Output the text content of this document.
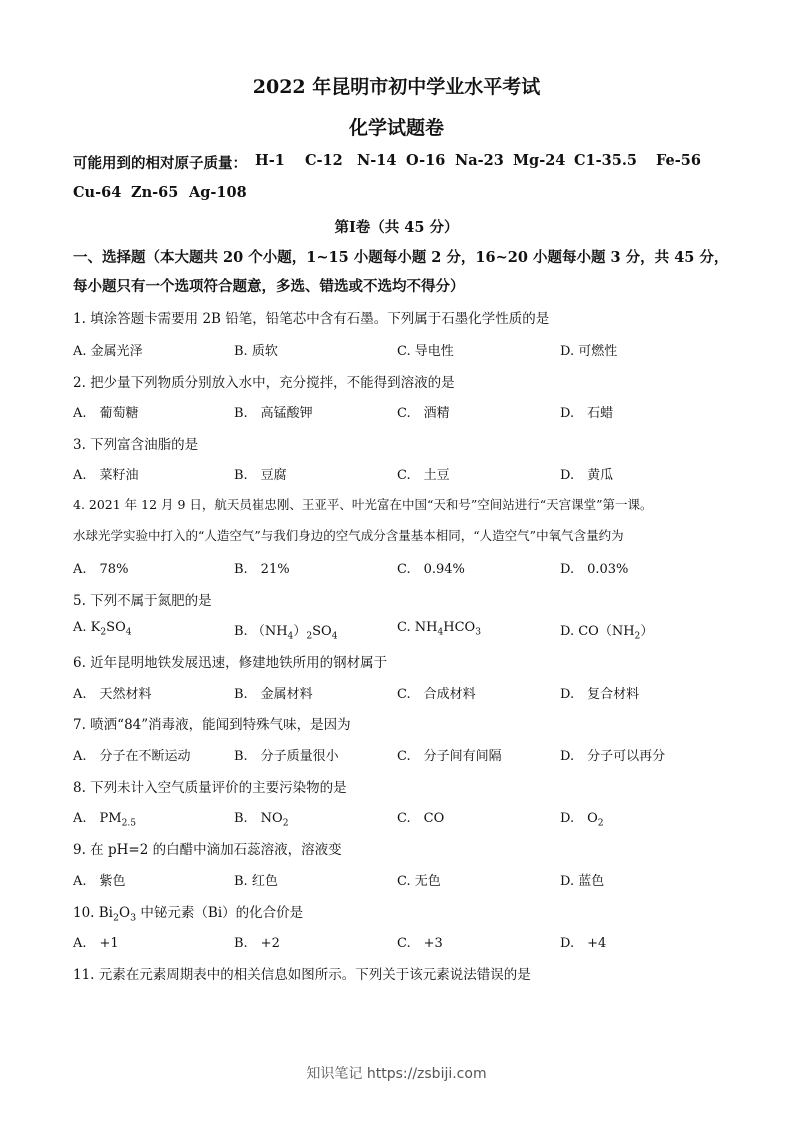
2022 年昆明市初中学业水平考试
化学试题卷
可能用到的相对原子质量： H-1 C-12 N-14 O-16 Na-23 Mg-24 C1-35.5 Fe-56
Cu-64 Zn-65 Ag-108
第Ⅰ卷（共 45 分）
一、选择题（本大题共 20 个小题，1~15 小题每小题 2 分，16~20 小题每小题 3 分，共 45 分，
每小题只有一个选项符合题意，多选、错选或不选均不得分）
1. 填涂答题卡需要用 2B 铅笔，铅笔芯中含有石墨。下列属于石墨化学性质的是
A. 金属光泽	B. 质软	C. 导电性	D. 可燃性
2. 把少量下列物质分别放入水中，充分搅拌，不能得到溶液的是
A.　葡萄糖	B.　高锰酸钾	C.　酒精	D.　石蜡
3. 下列富含油脂的是
A.　菜籽油	B.　豆腐	C.　土豆	D.　黄瓜
4. 2021 年 12 月 9 日，航天员崔忠刚、王亚平、叶光富在中国“天和号”空间站进行“天宫课堂”第一课。
水球光学实验中打入的“人造空气”与我们身边的空气成分含量基本相同，“人造空气”中氧气含量约为
A.　78%	B.　21%	C.　0.94%	D.　0.03%
5. 下列不属于氮肥的是
A. $K_2SO_4$	B. $(NH_4)_2SO_4$
C. $NH_4HCO_3$	D. $CO(NH_2)$
6. 近年昆明地铁发展迅速，修建地铁所用的钢材属于
A.　天然材料	B.　金属材料	C.　合成材料	D.　复合材料
7. 喷洒“84”消毒液，能闻到特殊气味，是因为
A.　分子在不断运动	B.　分子质量很小	C.　分子间有间隔	D.　分子可以再分
8. 下列未计入空气质量评价的主要污染物的是
A.　$PM_{2.5}$	B.　$NO_2$	C.　CO	D.　$O_2$
9. 在 pH=2 的白醋中滴加石蕊溶液，溶液变
A.　紫色	B. 红色	C. 无色	D. 蓝色
10. $Bi_2O_3$ 中铋元素（Bi）的化合价是
A.　+1	B.　+2	C.　+3	D.　+4
11. 元素在元素周期表中的相关信息如图所示。下列关于该元素说法错误的是
知识笔记 https://zsbiji.com
